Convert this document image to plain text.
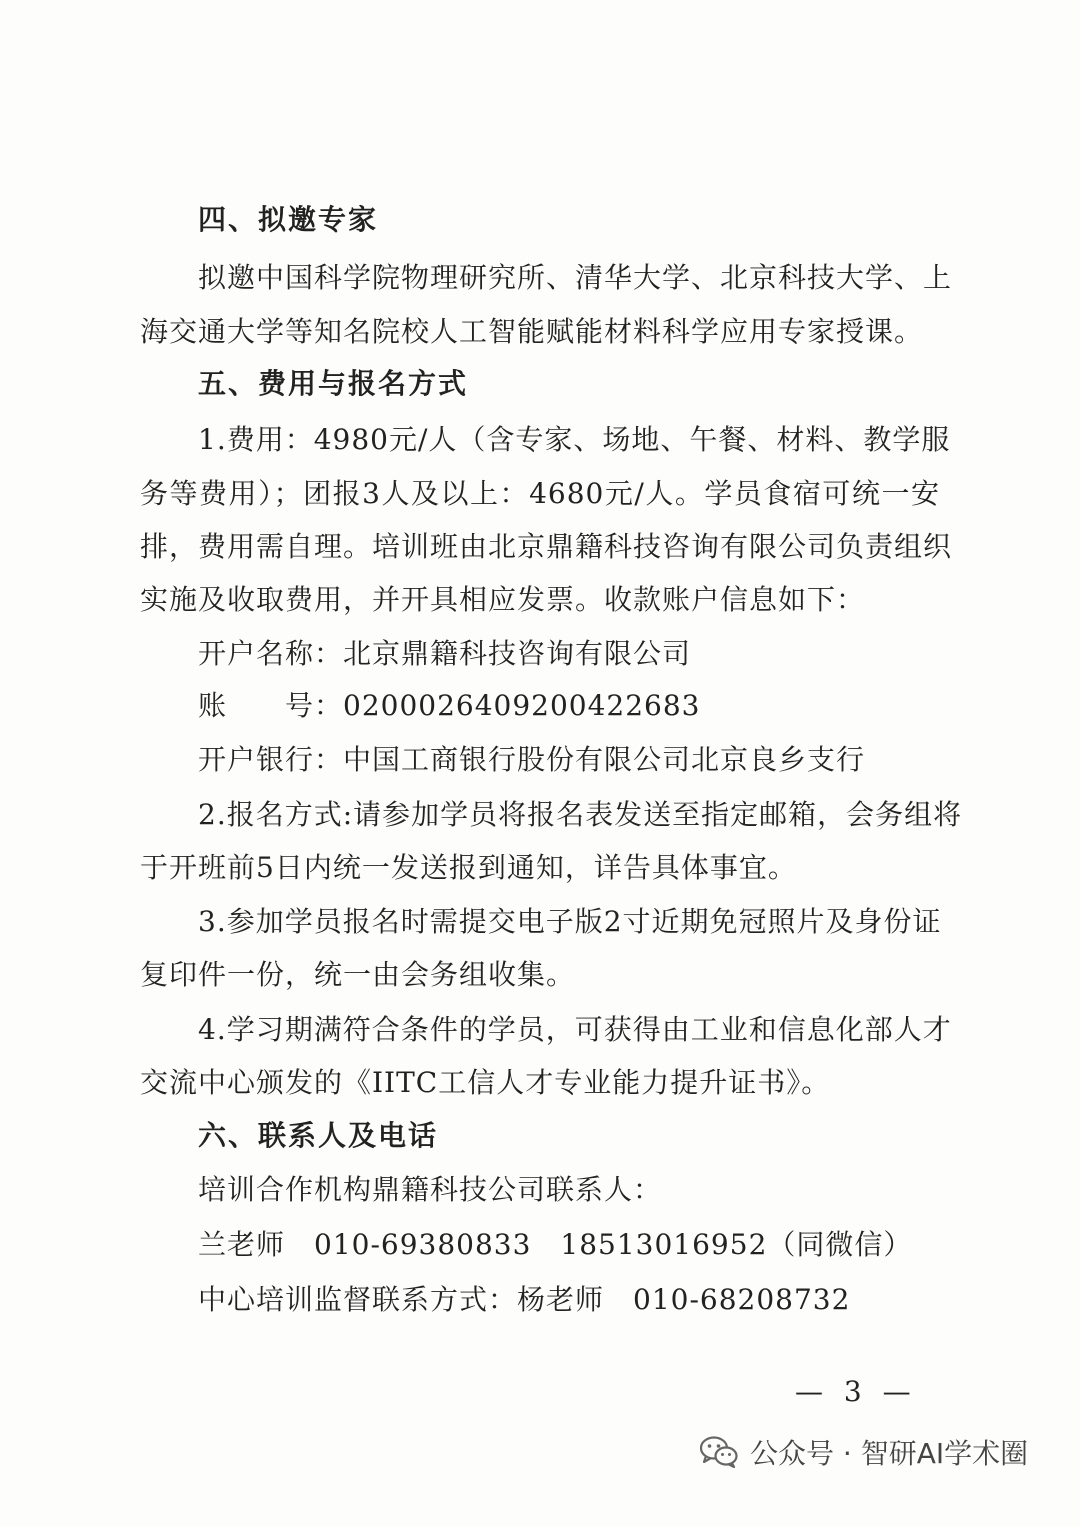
四、拟邀专家
拟邀中国科学院物理研究所、清华大学、北京科技大学、上
海交通大学等知名院校人工智能赋能材料科学应用专家授课。
五、费用与报名方式
1.费用：4980元/人（含专家、场地、午餐、材料、教学服
务等费用）；团报3人及以上：4680元/人。学员食宿可统一安
排，费用需自理。培训班由北京鼎籍科技咨询有限公司负责组织
实施及收取费用，并开具相应发票。收款账户信息如下：
开户名称：北京鼎籍科技咨询有限公司
账　　号：0200026409200422683
开户银行：中国工商银行股份有限公司北京良乡支行
2.报名方式:请参加学员将报名表发送至指定邮箱，会务组将
于开班前5日内统一发送报到通知，详告具体事宜。
3.参加学员报名时需提交电子版2寸近期免冠照片及身份证
复印件一份，统一由会务组收集。
4.学习期满符合条件的学员，可获得由工业和信息化部人才
交流中心颁发的《IITC工信人才专业能力提升证书》。
六、联系人及电话
培训合作机构鼎籍科技公司联系人：
兰老师　010-69380833　18513016952（同微信）
中心培训监督联系方式：杨老师　010-68208732
— 3 —
公众号 · 智研AI学术圈
